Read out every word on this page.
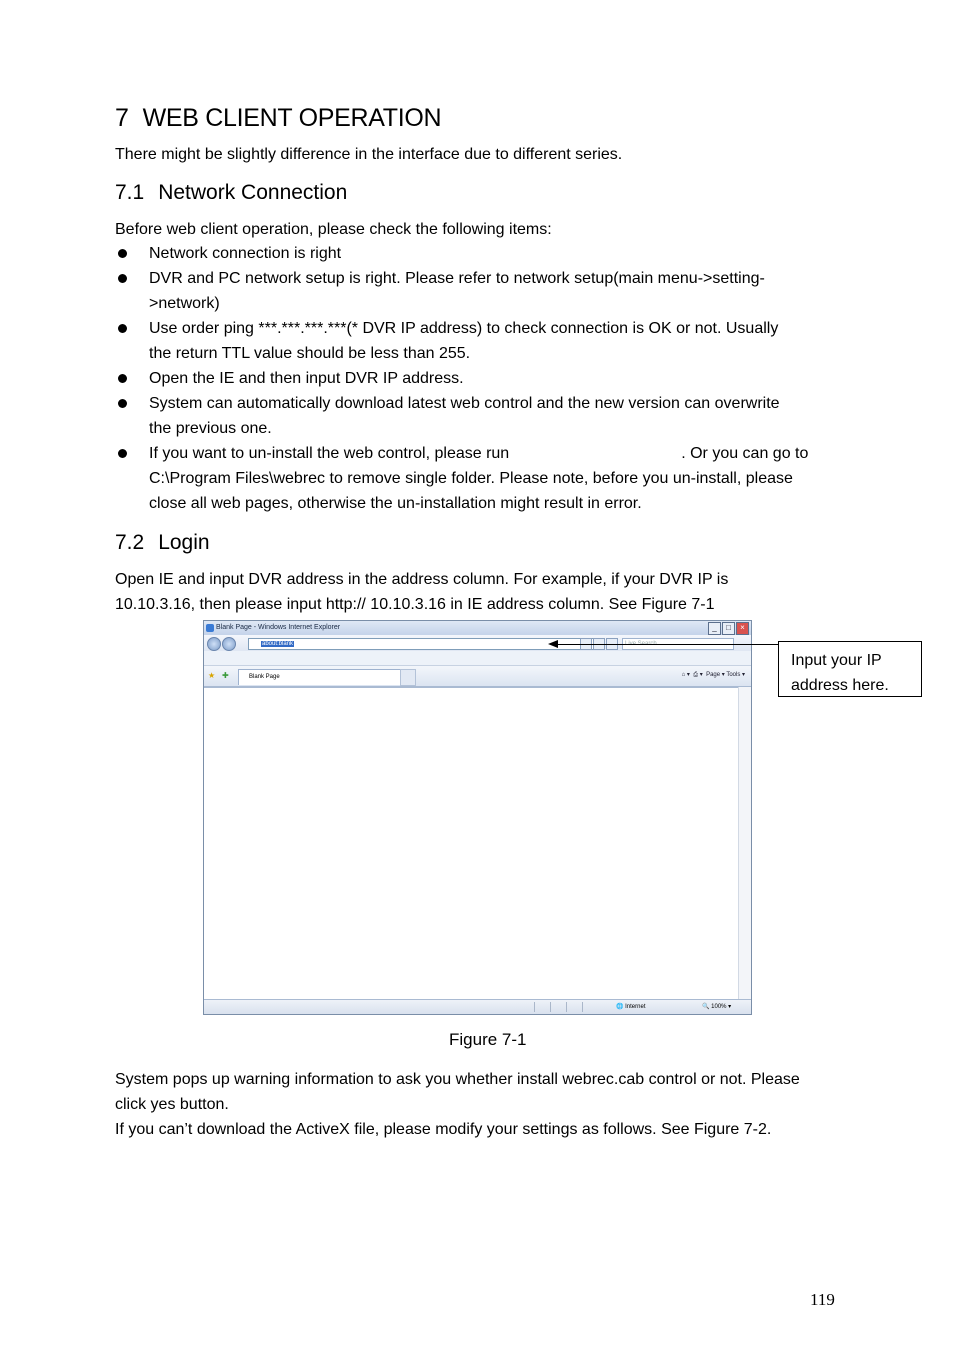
7 WEB CLIENT OPERATION
There might be slightly difference in the interface due to different series.
7.1 Network Connection
Before web client operation, please check the following items:
Network connection is right
DVR and PC network setup is right. Please refer to network setup(main menu->setting-
>network)
Use order ping ***.***.***.***(* DVR IP address) to check connection is OK or not. Usually
the return TTL value should be less than 255.
Open the IE and then input DVR IP address.
System can automatically download latest web control and the new version can overwrite
the previous one.
If you want to un-install the web control, please run	. Or you can go to
C:\Program Files\webrec to remove single folder. Please note, before you un-install, please
close all web pages, otherwise the un-installation might result in error.
7.2 Login
Open IE and input DVR address in the address column. For example, if your DVR IP is
10.10.3.16, then please input http:// 10.10.3.16 in IE address column. See Figure 7-1
Blank Page - Windows Internet Explorer	_	□	×
about:blank
★ ✚	Blank Page	⌂ ▾ ⎙ ▾ Page ▾ Tools ▾
🌐 Internet	🔍 100% ▾
Input your IP
address here.
Figure 7-1
System pops up warning information to ask you whether install webrec.cab control or not. Please
click yes button.
If you can’t download the ActiveX file, please modify your settings as follows. See Figure 7-2.
119
